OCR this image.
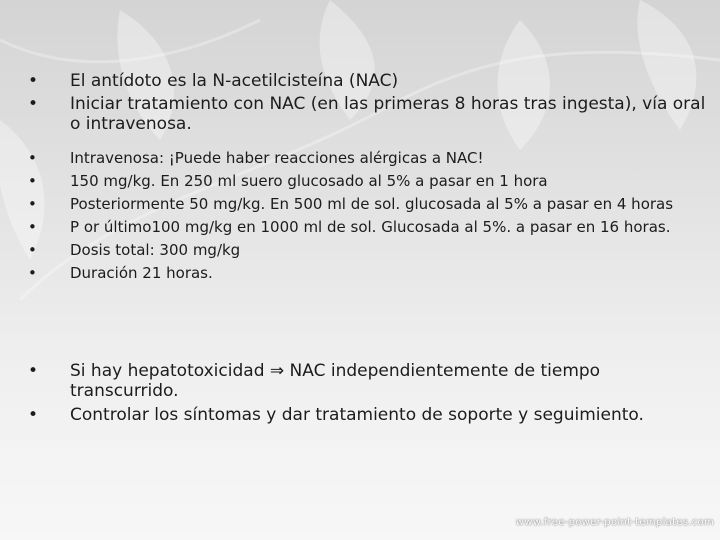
• El antídoto es la N-acetilcisteína (NAC)
• Iniciar tratamiento con NAC (en las primeras 8 horas tras ingesta), vía oral o intravenosa.
• Intravenosa: ¡Puede haber reacciones alérgicas a NAC!
• 150 mg/kg. En 250 ml suero glucosado al 5% a pasar en 1 hora
• Posteriormente 50 mg/kg. En 500 ml de sol. glucosada al 5% a pasar en 4 horas
• P or último100 mg/kg en 1000 ml de sol. Glucosada al 5%. a pasar en 16 horas.
• Dosis total: 300 mg/kg
• Duración 21 horas.
• Si hay hepatotoxicidad ⇒ NAC independientemente de tiempo transcurrido.
• Controlar los síntomas y dar tratamiento de soporte y seguimiento.
www.free-power-point-templates.com
